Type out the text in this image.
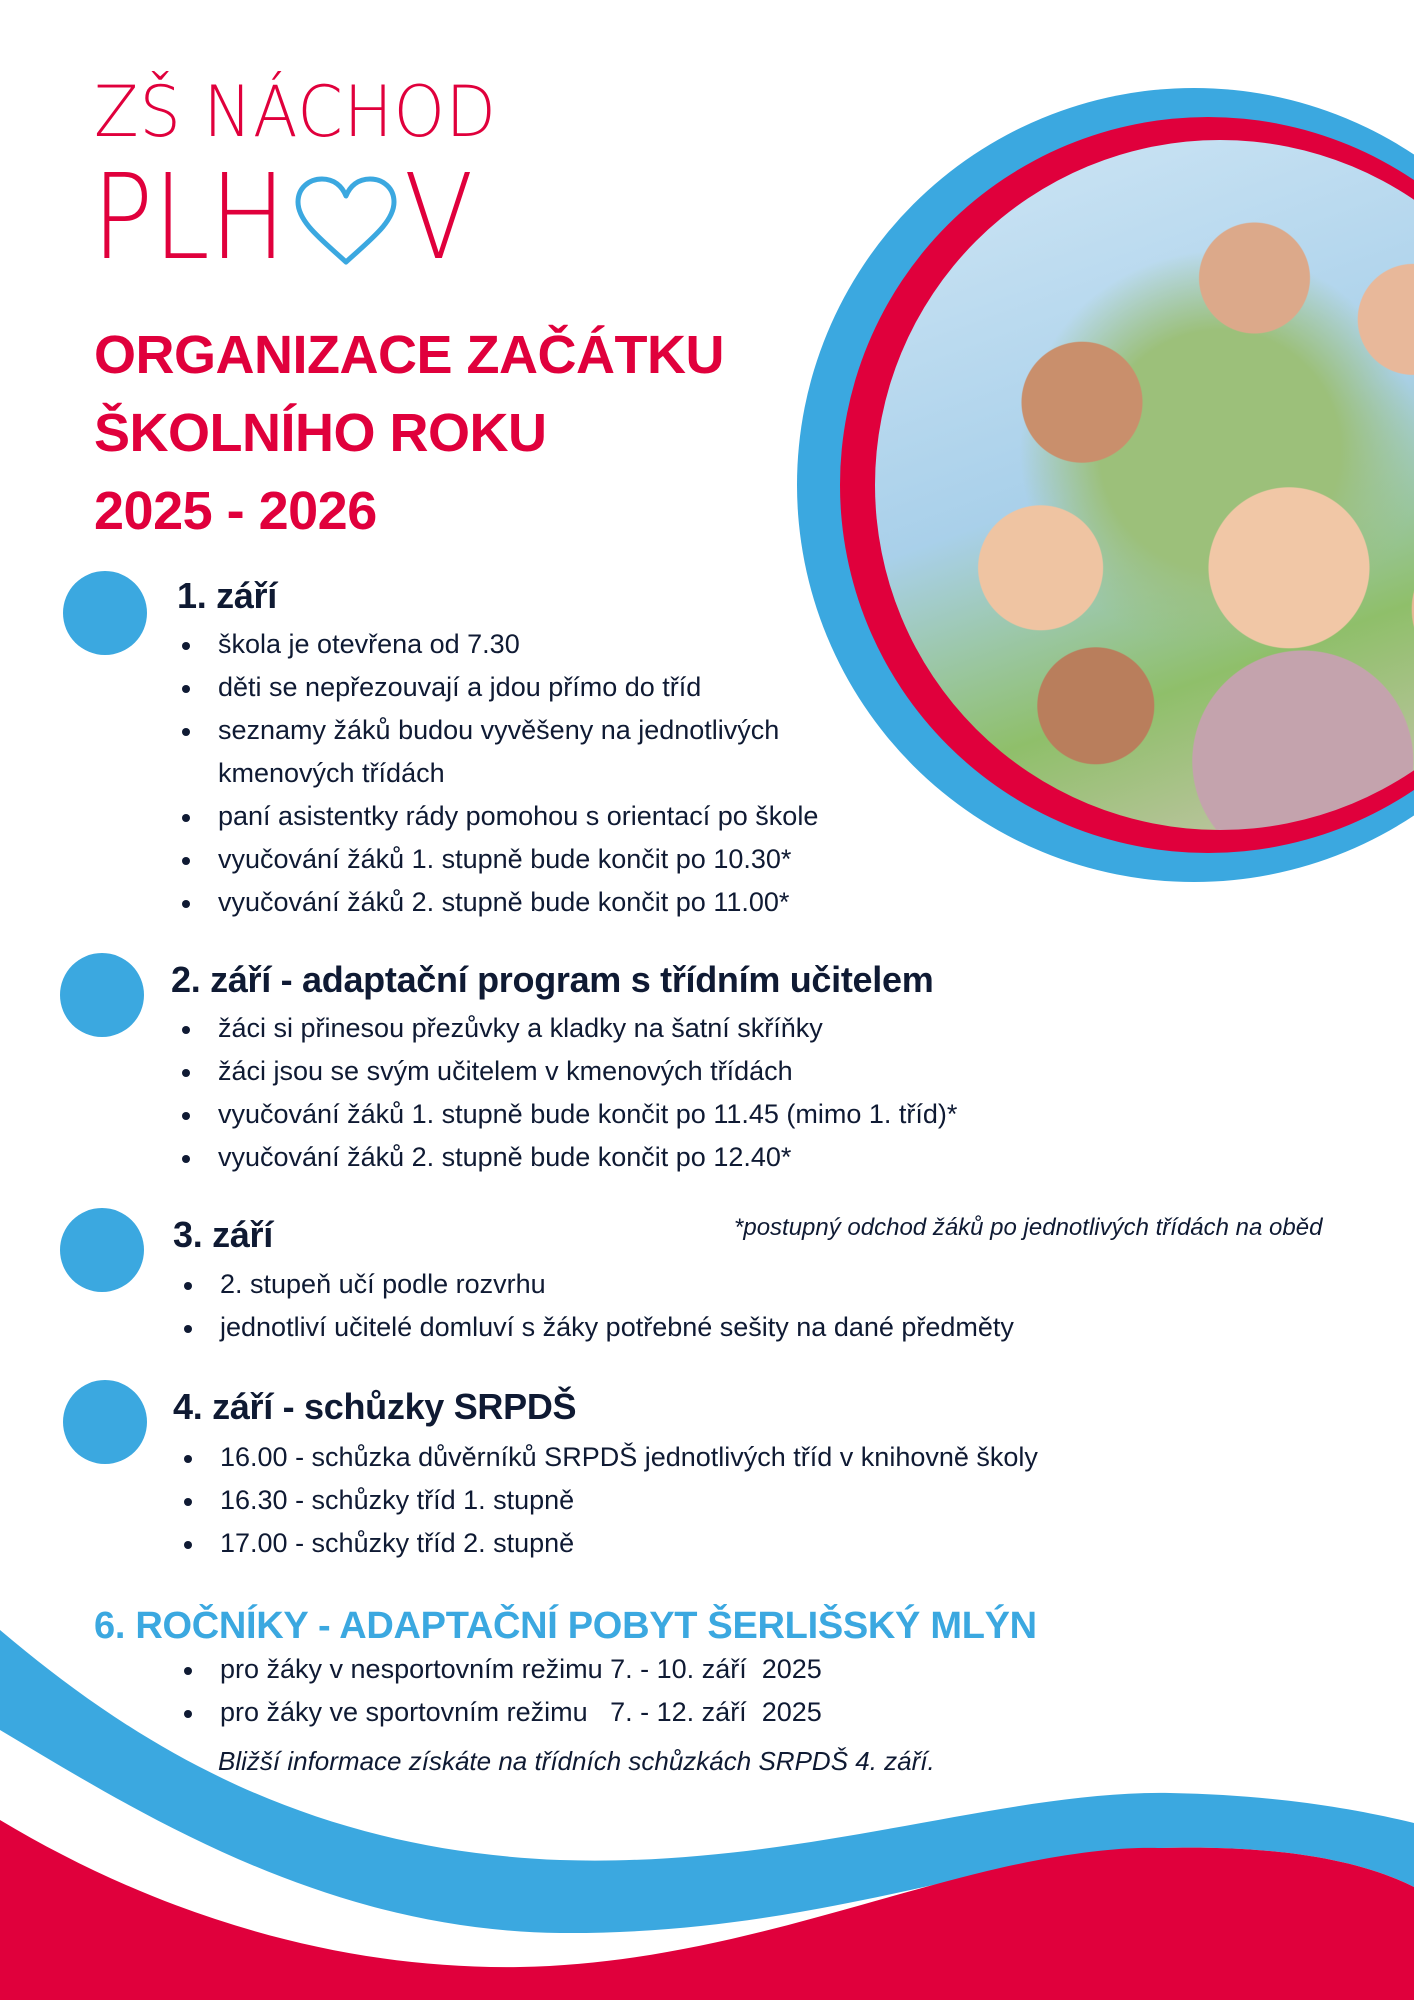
ZŠ NÁCHOD
PLH V
ORGANIZACE ZAČÁTKU
ŠKOLNÍHO ROKU
2025 - 2026
1. září
škola je otevřena od 7.30
děti se nepřezouvají a jdou přímo do tříd
seznamy žáků budou vyvěšeny na jednotlivých
kmenových třídách
paní asistentky rády pomohou s orientací po škole
vyučování žáků 1. stupně bude končit po 10.30*
vyučování žáků 2. stupně bude končit po 11.00*
2. září - adaptační program s třídním učitelem
žáci si přinesou přezůvky a kladky na šatní skříňky
žáci jsou se svým učitelem v kmenových třídách
vyučování žáků 1. stupně bude končit po 11.45 (mimo 1. tříd)*
vyučování žáků 2. stupně bude končit po 12.40*
3. září	*postupný odchod žáků po jednotlivých třídách na oběd
2. stupeň učí podle rozvrhu
jednotliví učitelé domluví s žáky potřebné sešity na dané předměty
4. září - schůzky SRPDŠ
16.00 - schůzka důvěrníků SRPDŠ jednotlivých tříd v knihovně školy
16.30 - schůzky tříd 1. stupně
17.00 - schůzky tříd 2. stupně
6. ROČNÍKY - ADAPTAČNÍ POBYT ŠERLIŠSKÝ MLÝN
pro žáky v nesportovním režimu 7. - 10. září  2025
pro žáky ve sportovním režimu   7. - 12. září  2025
Bližší informace získáte na třídních schůzkách SRPDŠ 4. září.
